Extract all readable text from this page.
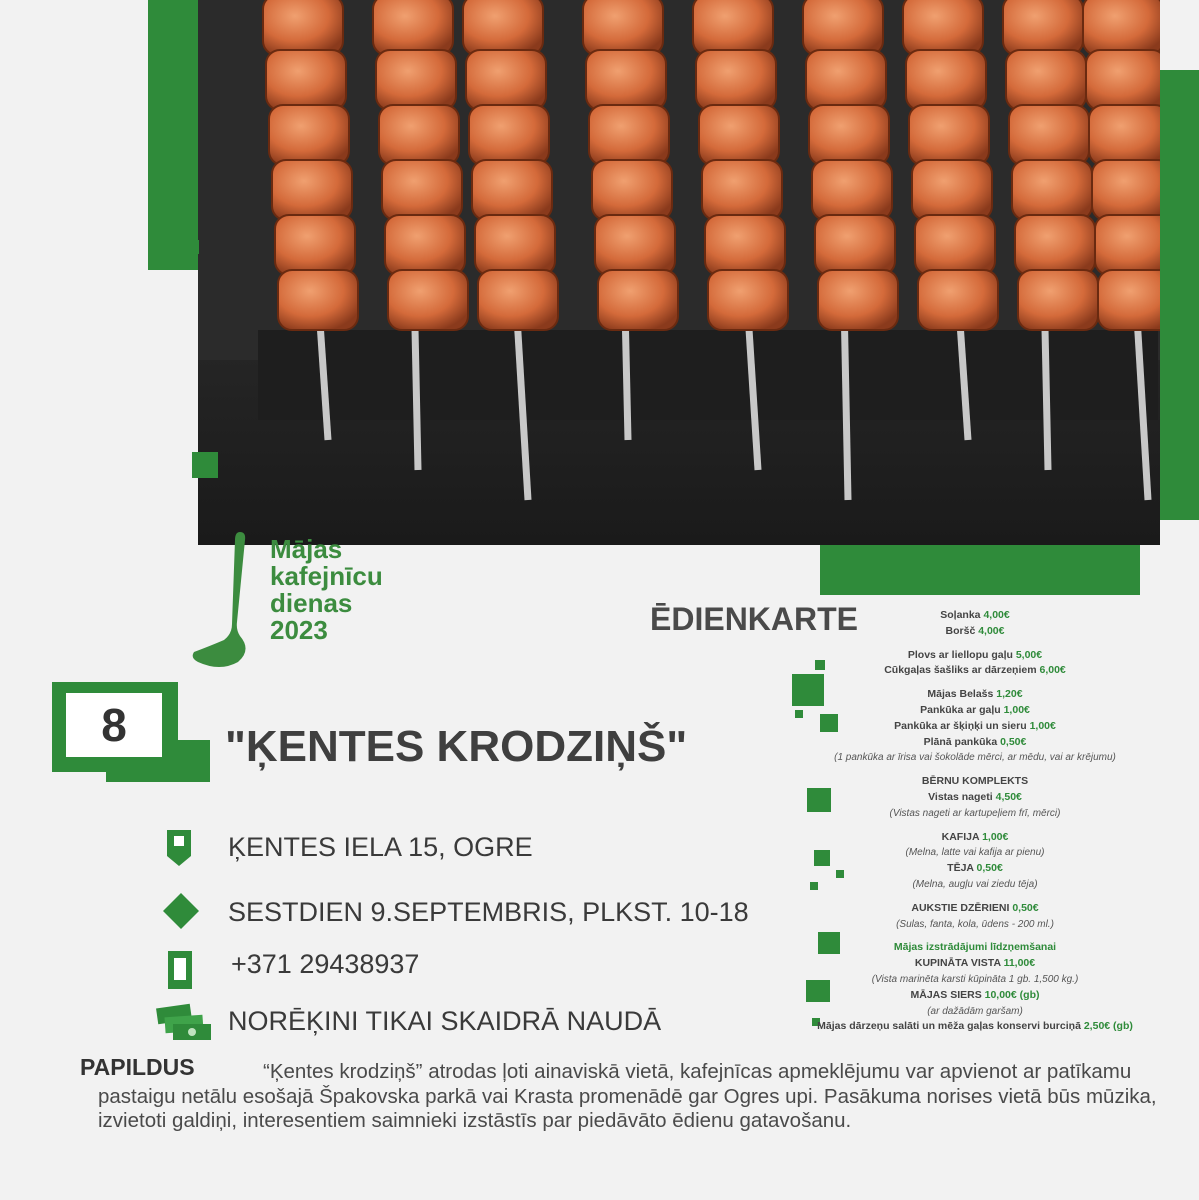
Mājas
kafejnīcu
dienas
2023
8	"ĶENTES KRODZIŅŠ"
ĶENTES IELA 15, OGRE
SESTDIEN 9.SEPTEMBRIS, PLKST. 10-18
+371 29438937
NORĒĶINI TIKAI SKAIDRĀ NAUDĀ
ĒDIENKARTE	Soļanka 4,00€
Boršč 4,00€
Plovs ar liellopu gaļu 5,00€
Cūkgaļas šašliks ar dārzeņiem 6,00€
Mājas Belašs 1,20€
Pankūka ar gaļu 1,00€
Pankūka ar šķiņķi un sieru 1,00€
Plānā pankūka 0,50€
(1 pankūka ar īrisa vai šokolāde mērci, ar mēdu, vai ar krējumu)
BĒRNU KOMPLEKTS
Vistas nageti 4,50€
(Vistas nageti ar kartupeļiem frī, mērci)
KAFIJA 1,00€
(Melna, latte vai kafija ar pienu)
TĒJA 0,50€
(Melna, augļu vai ziedu tēja)
AUKSTIE DZĒRIENI 0,50€
(Sulas, fanta, kola, ūdens - 200 ml.)
Mājas izstrādājumi līdzņemšanai
KUPINĀTA VISTA 11,00€
(Vista marinēta karsti kūpināta 1 gb. 1,500 kg.)
MĀJAS SIERS 10,00€ (gb)
(ar dažādām garšam)
Mājas dārzeņu salāti un mēža gaļas konservi burciņā 2,50€ (gb)
PAPILDUS	“Ķentes krodziņš” atrodas ļoti ainaviskā vietā, kafejnīcas apmeklējumu var apvienot ar patīkamu pastaigu netālu esošajā Špakovska parkā vai Krasta promenādē gar Ogres upi. Pasākuma norises vietā būs mūzika, izvietoti galdiņi, interesentiem saimnieki izstāstīs par piedāvāto ēdienu gatavošanu.
